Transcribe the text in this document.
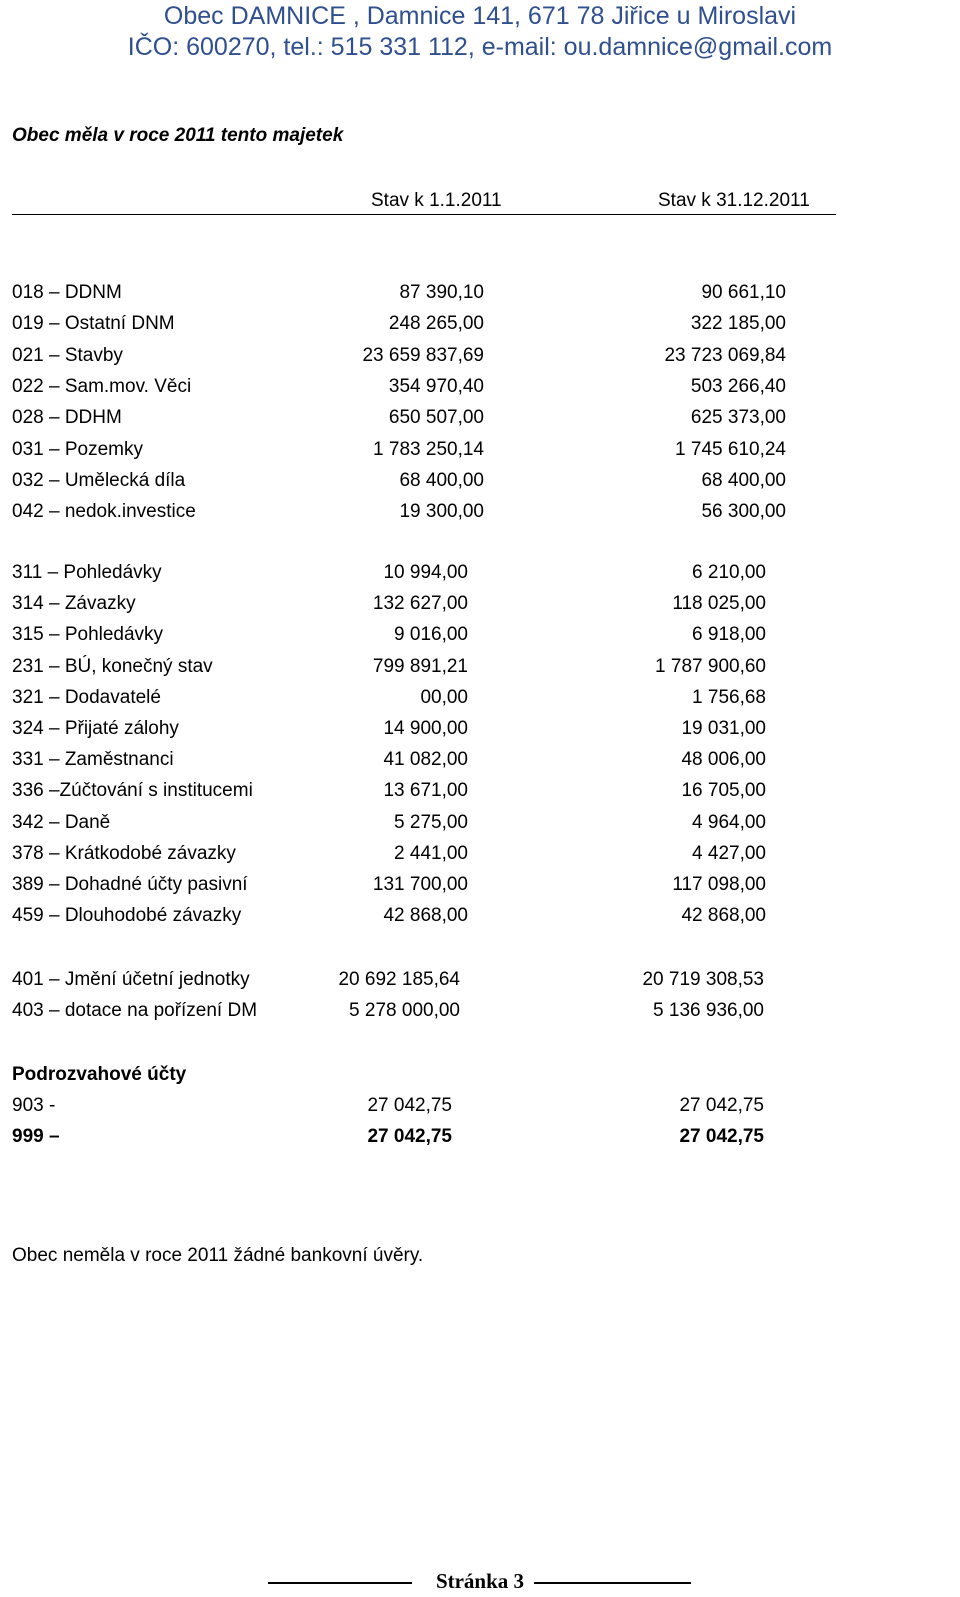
Obec DAMNICE , Damnice 141, 671 78 Jiřice u Miroslavi
IČO: 600270, tel.: 515 331 112, e-mail: ou.damnice@gmail.com
Obec měla v roce 2011 tento majetek
Stav k 1.1.2011	Stav k 31.12.2011
018 – DDNM	87 390,10	90 661,10
019 – Ostatní DNM	248 265,00	322 185,00
021 – Stavby	23 659 837,69	23 723 069,84
022 – Sam.mov. Věci	354 970,40	503 266,40
028 – DDHM	650 507,00	625 373,00
031 – Pozemky	1 783 250,14	1 745 610,24
032 – Umělecká díla	68 400,00	68 400,00
042 – nedok.investice	19 300,00	56 300,00
311 – Pohledávky	10 994,00	6 210,00
314 – Závazky	132 627,00	118 025,00
315 – Pohledávky	9 016,00	6 918,00
231 – BÚ, konečný stav	799 891,21	1 787 900,60
321 – Dodavatelé	00,00	1 756,68
324 – Přijaté zálohy	14 900,00	19 031,00
331 – Zaměstnanci	41 082,00	48 006,00
336 –Zúčtování s institucemi	13 671,00	16 705,00
342 – Daně	5 275,00	4 964,00
378 – Krátkodobé závazky	2 441,00	4 427,00
389 – Dohadné účty pasivní	131 700,00	117 098,00
459 – Dlouhodobé závazky	42 868,00	42 868,00
401 – Jmění účetní jednotky	20 692 185,64	20 719 308,53
403 – dotace na pořízení DM	5 278 000,00	5 136 936,00
Podrozvahové účty
903 -	27 042,75	27 042,75
999 –	27 042,75	27 042,75
Obec neměla v roce 2011 žádné bankovní úvěry.
Stránka 3
